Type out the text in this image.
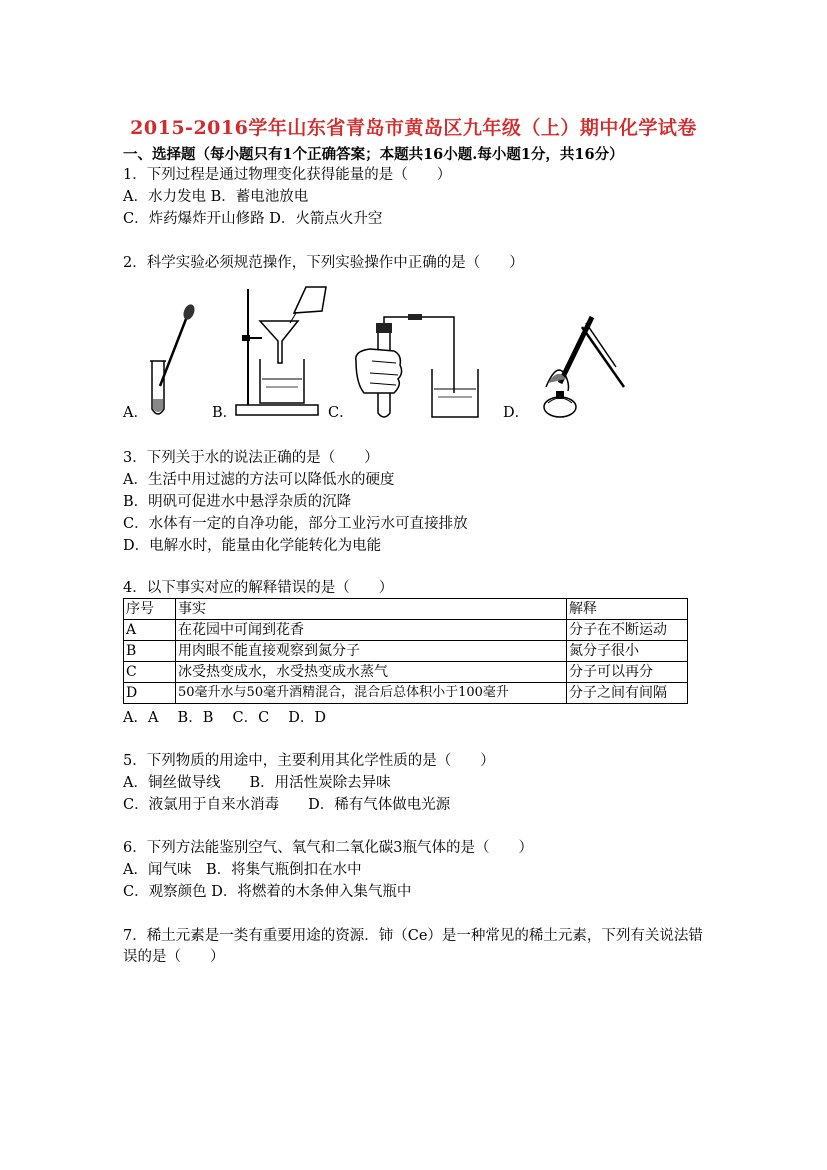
2015-2016学年山东省青岛市黄岛区九年级（上）期中化学试卷
一、选择题（每小题只有1个正确答案；本题共16小题.每小题1分，共16分）
1．下列过程是通过物理变化获得能量的是（　　）
A．水力发电 B．蓄电池放电
C．炸药爆炸开山修路 D．火箭点火升空
2．科学实验必须规范操作，下列实验操作中正确的是（　　）
A．	B．	C．	D．
3．下列关于水的说法正确的是（　　）
A．生活中用过滤的方法可以降低水的硬度
B．明矾可促进水中悬浮杂质的沉降
C．水体有一定的自净功能，部分工业污水可直接排放
D．电解水时，能量由化学能转化为电能
4．以下事实对应的解释错误的是（　　）
序号	事实	解释
A	在花园中可闻到花香	分子在不断运动
B	用肉眼不能直接观察到氮分子	氮分子很小
C	冰受热变成水，水受热变成水蒸气	分子可以再分
D	50毫升水与50毫升酒精混合，混合后总体积小于100毫升	分子之间有间隔
A．A　 B．B　 C．C　 D．D
5．下列物质的用途中，主要利用其化学性质的是（　　）
A．铜丝做导线　　B．用活性炭除去异味
C．液氯用于自来水消毒　　D．稀有气体做电光源
6．下列方法能鉴别空气、氧气和二氧化碳3瓶气体的是（　　）
A．闻气味　B．将集气瓶倒扣在水中
C．观察颜色 D．将燃着的木条伸入集气瓶中
7．稀土元素是一类有重要用途的资源．铈（Ce）是一种常见的稀土元素，下列有关说法错
误的是（　　）
